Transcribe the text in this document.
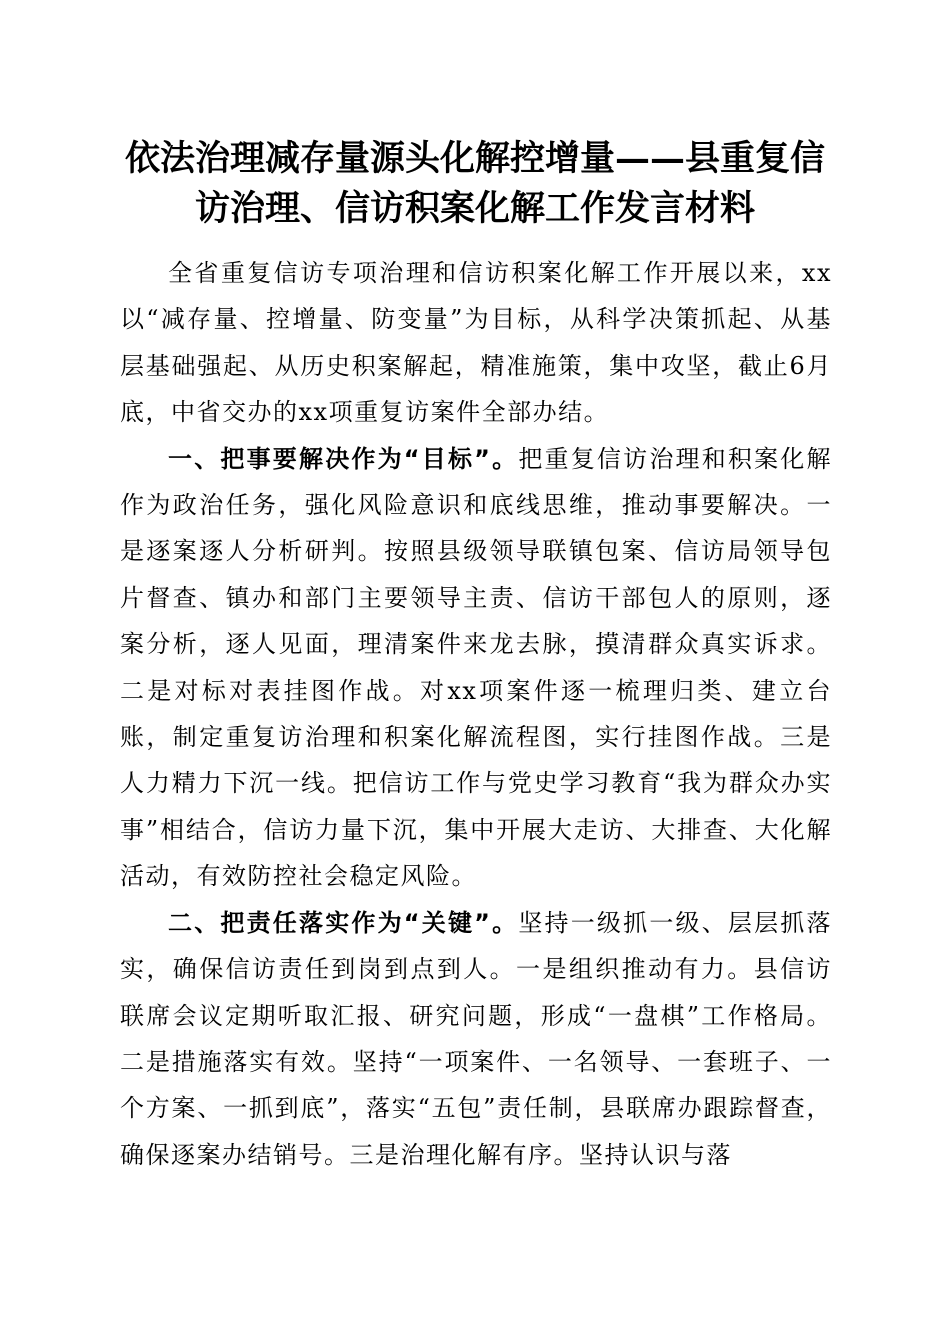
依法治理减存量源头化解控增量——县重复信
访治理、信访积案化解工作发言材料

全省重复信访专项治理和信访积案化解工作开展以来，xx以“减存量、控增量、防变量”为目标，从科学决策抓起、从基层基础强起、从历史积案解起，精准施策，集中攻坚，截止6月底，中省交办的xx项重复访案件全部办结。

一、把事要解决作为“目标”。把重复信访治理和积案化解作为政治任务，强化风险意识和底线思维，推动事要解决。一是逐案逐人分析研判。按照县级领导联镇包案、信访局领导包片督查、镇办和部门主要领导主责、信访干部包人的原则，逐案分析，逐人见面，理清案件来龙去脉，摸清群众真实诉求。二是对标对表挂图作战。对xx项案件逐一梳理归类、建立台账，制定重复访治理和积案化解流程图，实行挂图作战。三是人力精力下沉一线。把信访工作与党史学习教育“我为群众办实事”相结合，信访力量下沉，集中开展大走访、大排查、大化解活动，有效防控社会稳定风险。

二、把责任落实作为“关键”。坚持一级抓一级、层层抓落实，确保信访责任到岗到点到人。一是组织推动有力。县信访联席会议定期听取汇报、研究问题，形成“一盘棋”工作格局。二是措施落实有效。坚持“一项案件、一名领导、一套班子、一个方案、一抓到底”，落实“五包”责任制，县联席办跟踪督查，确保逐案办结销号。三是治理化解有序。坚持认识与落
